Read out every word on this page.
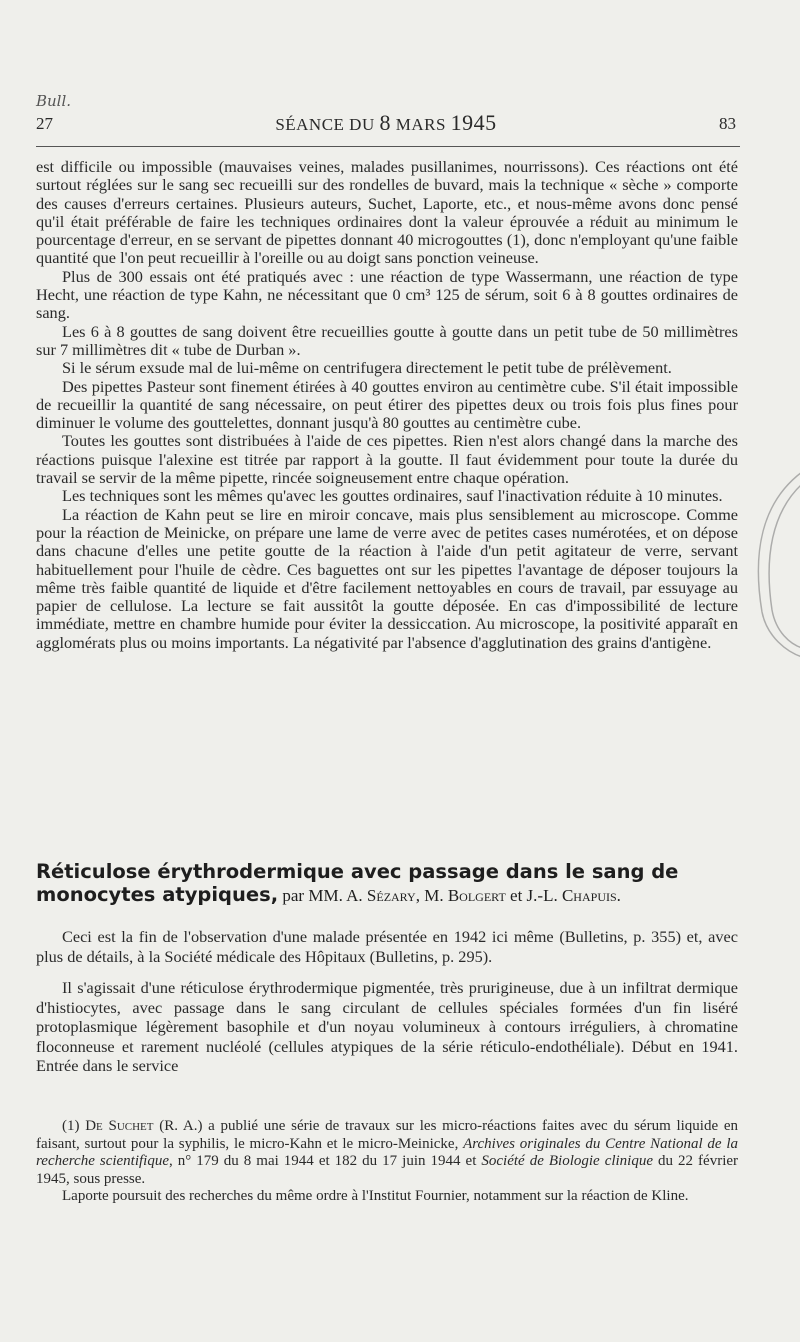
Bull.
27	SÉANCE DU 8 MARS 1945	83

est difficile ou impossible (mauvaises veines, malades pusillanimes, nourrissons). Ces réactions ont été surtout réglées sur le sang sec recueilli sur des rondelles de buvard, mais la technique « sèche » comporte des causes d'erreurs certaines. Plusieurs auteurs, Suchet, Laporte, etc., et nous-même avons donc pensé qu'il était préférable de faire les techniques ordinaires dont la valeur éprouvée a réduit au minimum le pourcentage d'erreur, en se servant de pipettes donnant 40 microgouttes (1), donc n'employant qu'une faible quantité que l'on peut recueillir à l'oreille ou au doigt sans ponction veineuse.

Plus de 300 essais ont été pratiqués avec : une réaction de type Wassermann, une réaction de type Hecht, une réaction de type Kahn, ne nécessitant que 0 cm³ 125 de sérum, soit 6 à 8 gouttes ordinaires de sang.

Les 6 à 8 gouttes de sang doivent être recueillies goutte à goutte dans un petit tube de 50 millimètres sur 7 millimètres dit « tube de Durban ».

Si le sérum exsude mal de lui-même on centrifugera directement le petit tube de prélèvement.

Des pipettes Pasteur sont finement étirées à 40 gouttes environ au centimètre cube. S'il était impossible de recueillir la quantité de sang nécessaire, on peut étirer des pipettes deux ou trois fois plus fines pour diminuer le volume des gouttelettes, donnant jusqu'à 80 gouttes au centimètre cube.

Toutes les gouttes sont distribuées à l'aide de ces pipettes. Rien n'est alors changé dans la marche des réactions puisque l'alexine est titrée par rapport à la goutte. Il faut évidemment pour toute la durée du travail se servir de la même pipette, rincée soigneusement entre chaque opération.

Les techniques sont les mêmes qu'avec les gouttes ordinaires, sauf l'inactivation réduite à 10 minutes.

La réaction de Kahn peut se lire en miroir concave, mais plus sensiblement au microscope. Comme pour la réaction de Meinicke, on prépare une lame de verre avec de petites cases numérotées, et on dépose dans chacune d'elles une petite goutte de la réaction à l'aide d'un petit agitateur de verre, servant habituellement pour l'huile de cèdre. Ces baguettes ont sur les pipettes l'avantage de déposer toujours la même très faible quantité de liquide et d'être facilement nettoyables en cours de travail, par essuyage au papier de cellulose. La lecture se fait aussitôt la goutte déposée. En cas d'impossibilité de lecture immédiate, mettre en chambre humide pour éviter la dessiccation. Au microscope, la positivité apparaît en agglomérats plus ou moins importants. La négativité par l'absence d'agglutination des grains d'antigène.

Réticulose érythrodermique avec passage dans le sang de monocytes atypiques, par MM. A. Sézary, M. Bolgert et J.-L. Chapuis.

Ceci est la fin de l'observation d'une malade présentée en 1942 ici même (Bulletins, p. 355) et, avec plus de détails, à la Société médicale des Hôpitaux (Bulletins, p. 295).

Il s'agissait d'une réticulose érythrodermique pigmentée, très prurigineuse, due à un infiltrat dermique d'histiocytes, avec passage dans le sang circulant de cellules spéciales formées d'un fin liséré protoplasmique légèrement basophile et d'un noyau volumineux à contours irréguliers, à chromatine floconneuse et rarement nucléolé (cellules atypiques de la série réticulo-endothéliale). Début en 1941. Entrée dans le service

(1) De Suchet (R. A.) a publié une série de travaux sur les micro-réactions faites avec du sérum liquide en faisant, surtout pour la syphilis, le micro-Kahn et le micro-Meinicke, Archives originales du Centre National de la recherche scientifique, n° 179 du 8 mai 1944 et 182 du 17 juin 1944 et Société de Biologie clinique du 22 février 1945, sous presse.

Laporte poursuit des recherches du même ordre à l'Institut Fournier, notamment sur la réaction de Kline.
